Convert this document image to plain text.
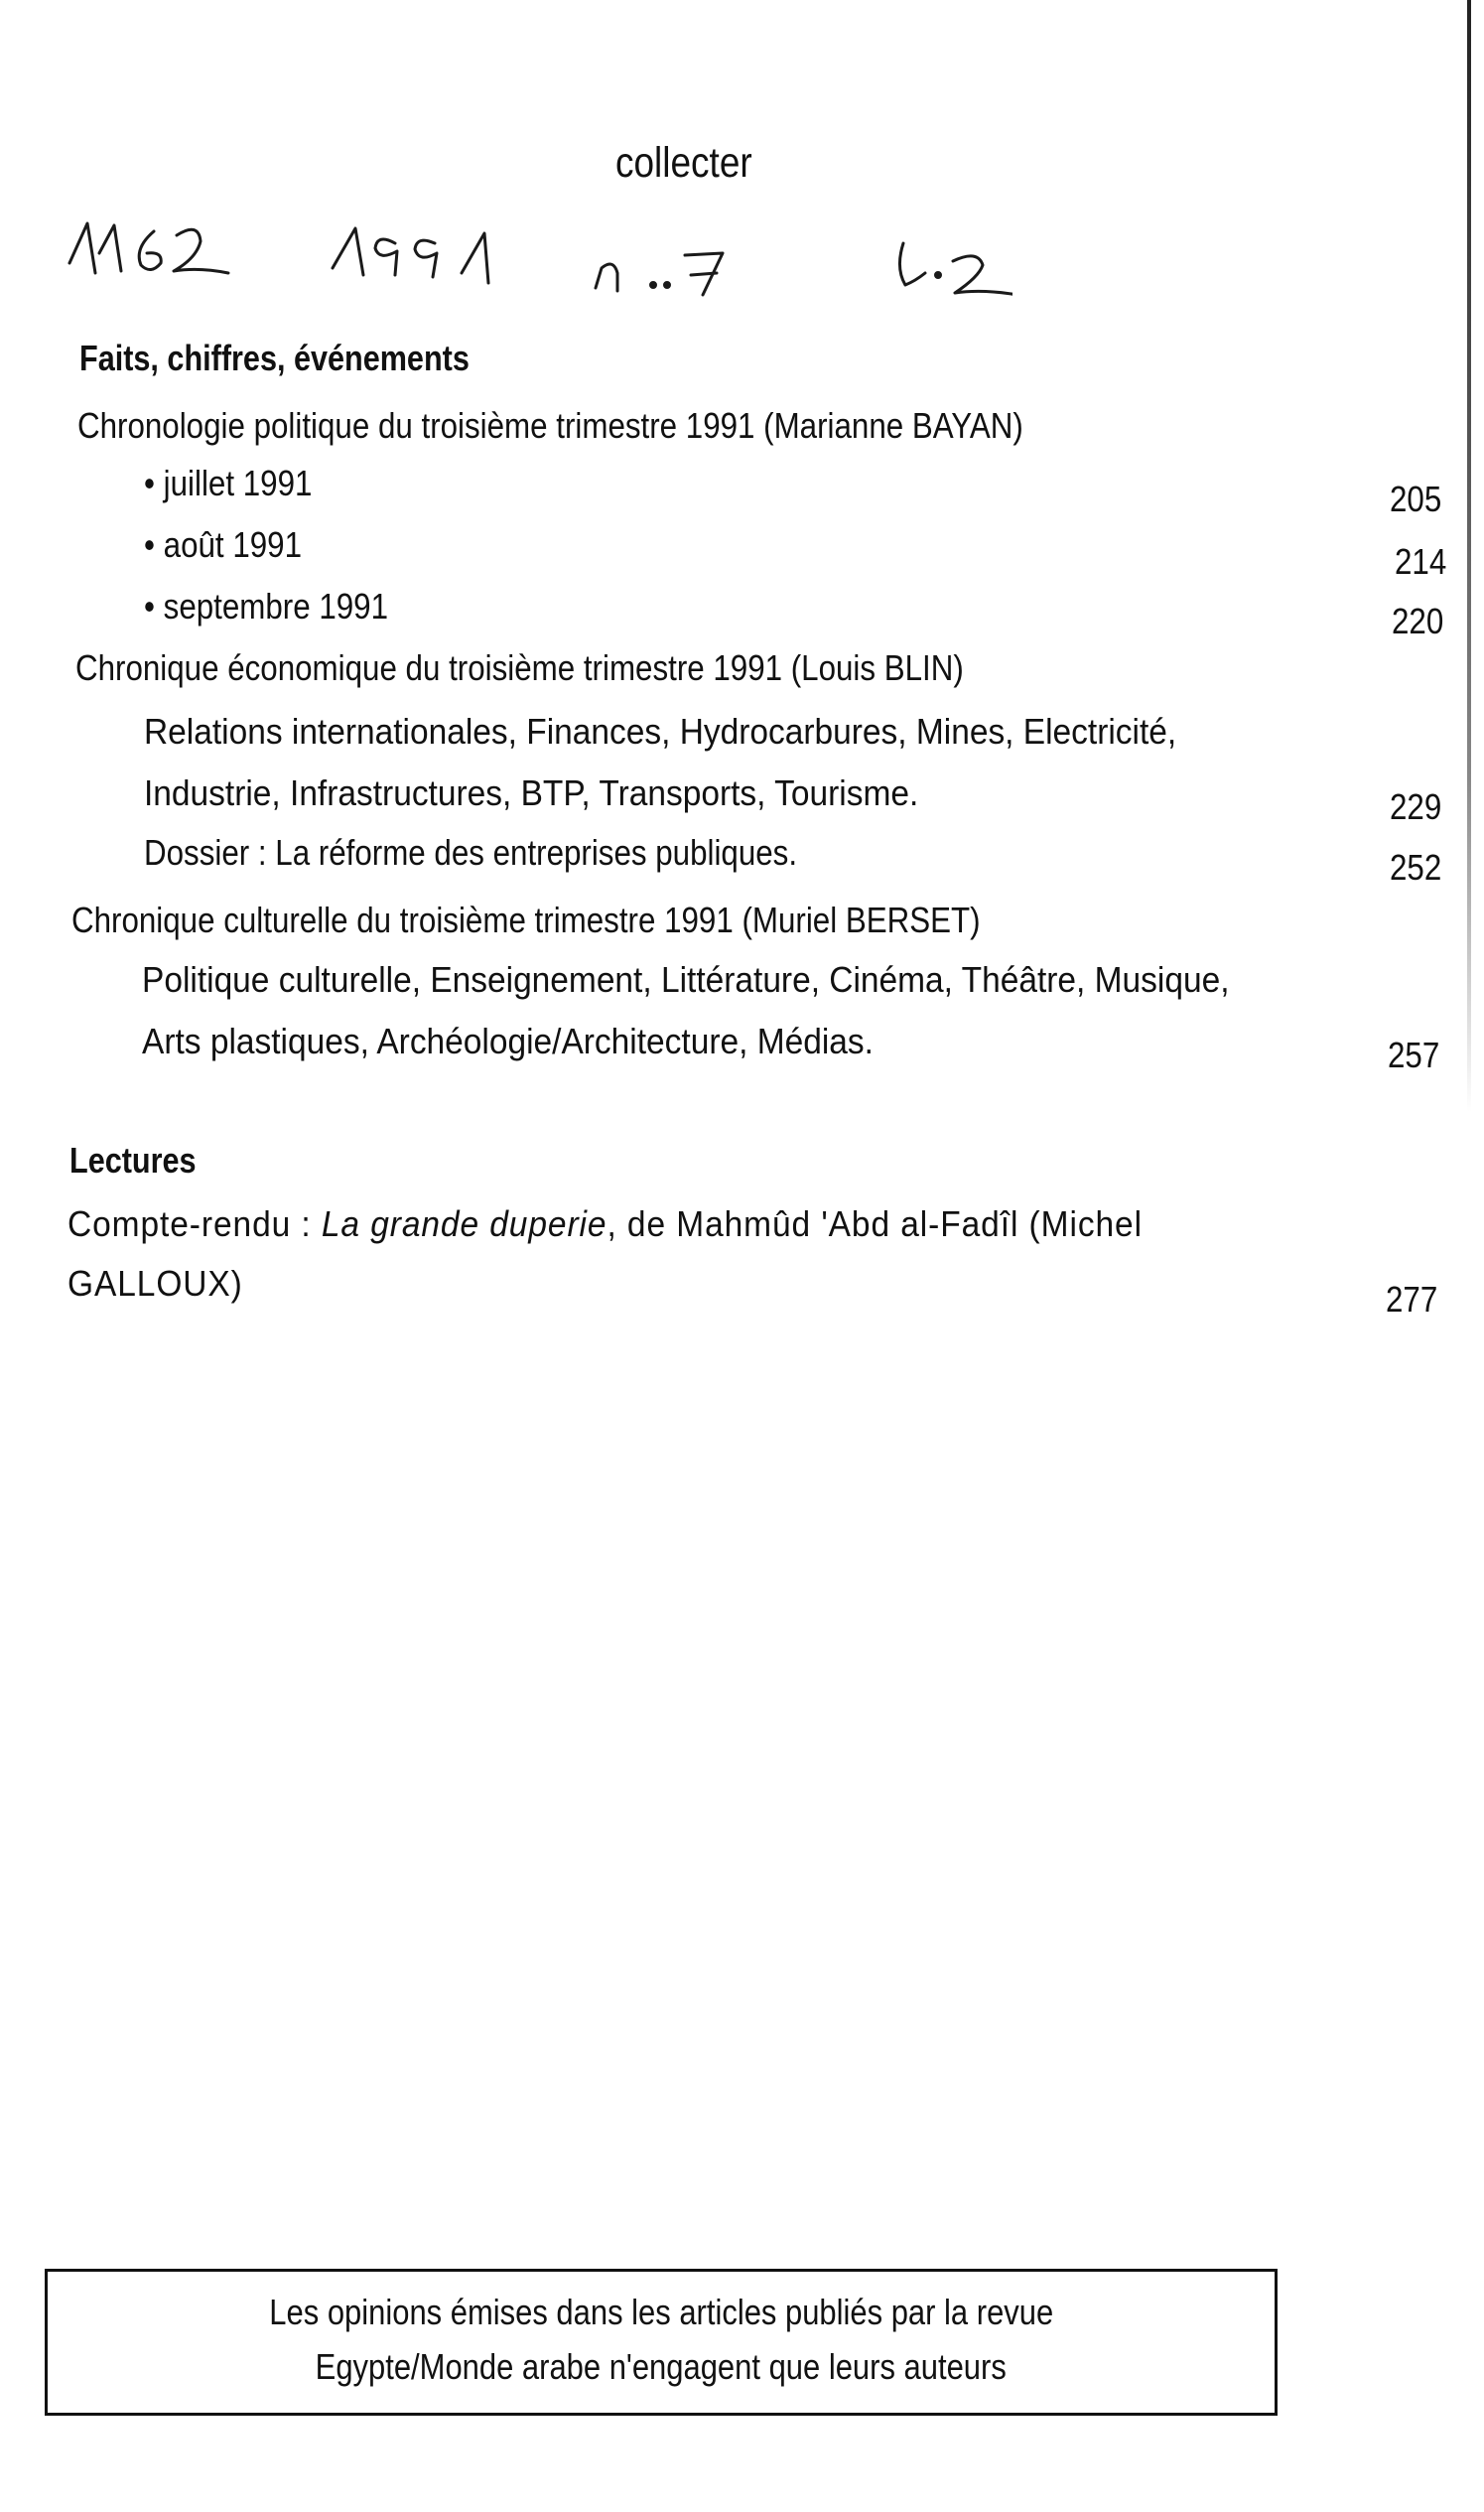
collecter
Faits, chiffres, événements
Chronologie politique du troisième trimestre 1991 (Marianne BAYAN)
• juillet 1991	205
• août 1991	214
• septembre 1991	220
Chronique économique du troisième trimestre 1991 (Louis BLIN)
Relations internationales, Finances, Hydrocarbures, Mines, Electricité,
Industrie, Infrastructures, BTP, Transports, Tourisme.	229
Dossier : La réforme des entreprises publiques.	252
Chronique culturelle du troisième trimestre 1991 (Muriel BERSET)
Politique culturelle, Enseignement, Littérature, Cinéma, Théâtre, Musique,
Arts plastiques, Archéologie/Architecture, Médias.	257
Lectures
Compte-rendu : La grande duperie, de Mahmûd 'Abd al-Fadîl (Michel
GALLOUX)	277
Les opinions émises dans les articles publiés par la revue
Egypte/Monde arabe n'engagent que leurs auteurs
